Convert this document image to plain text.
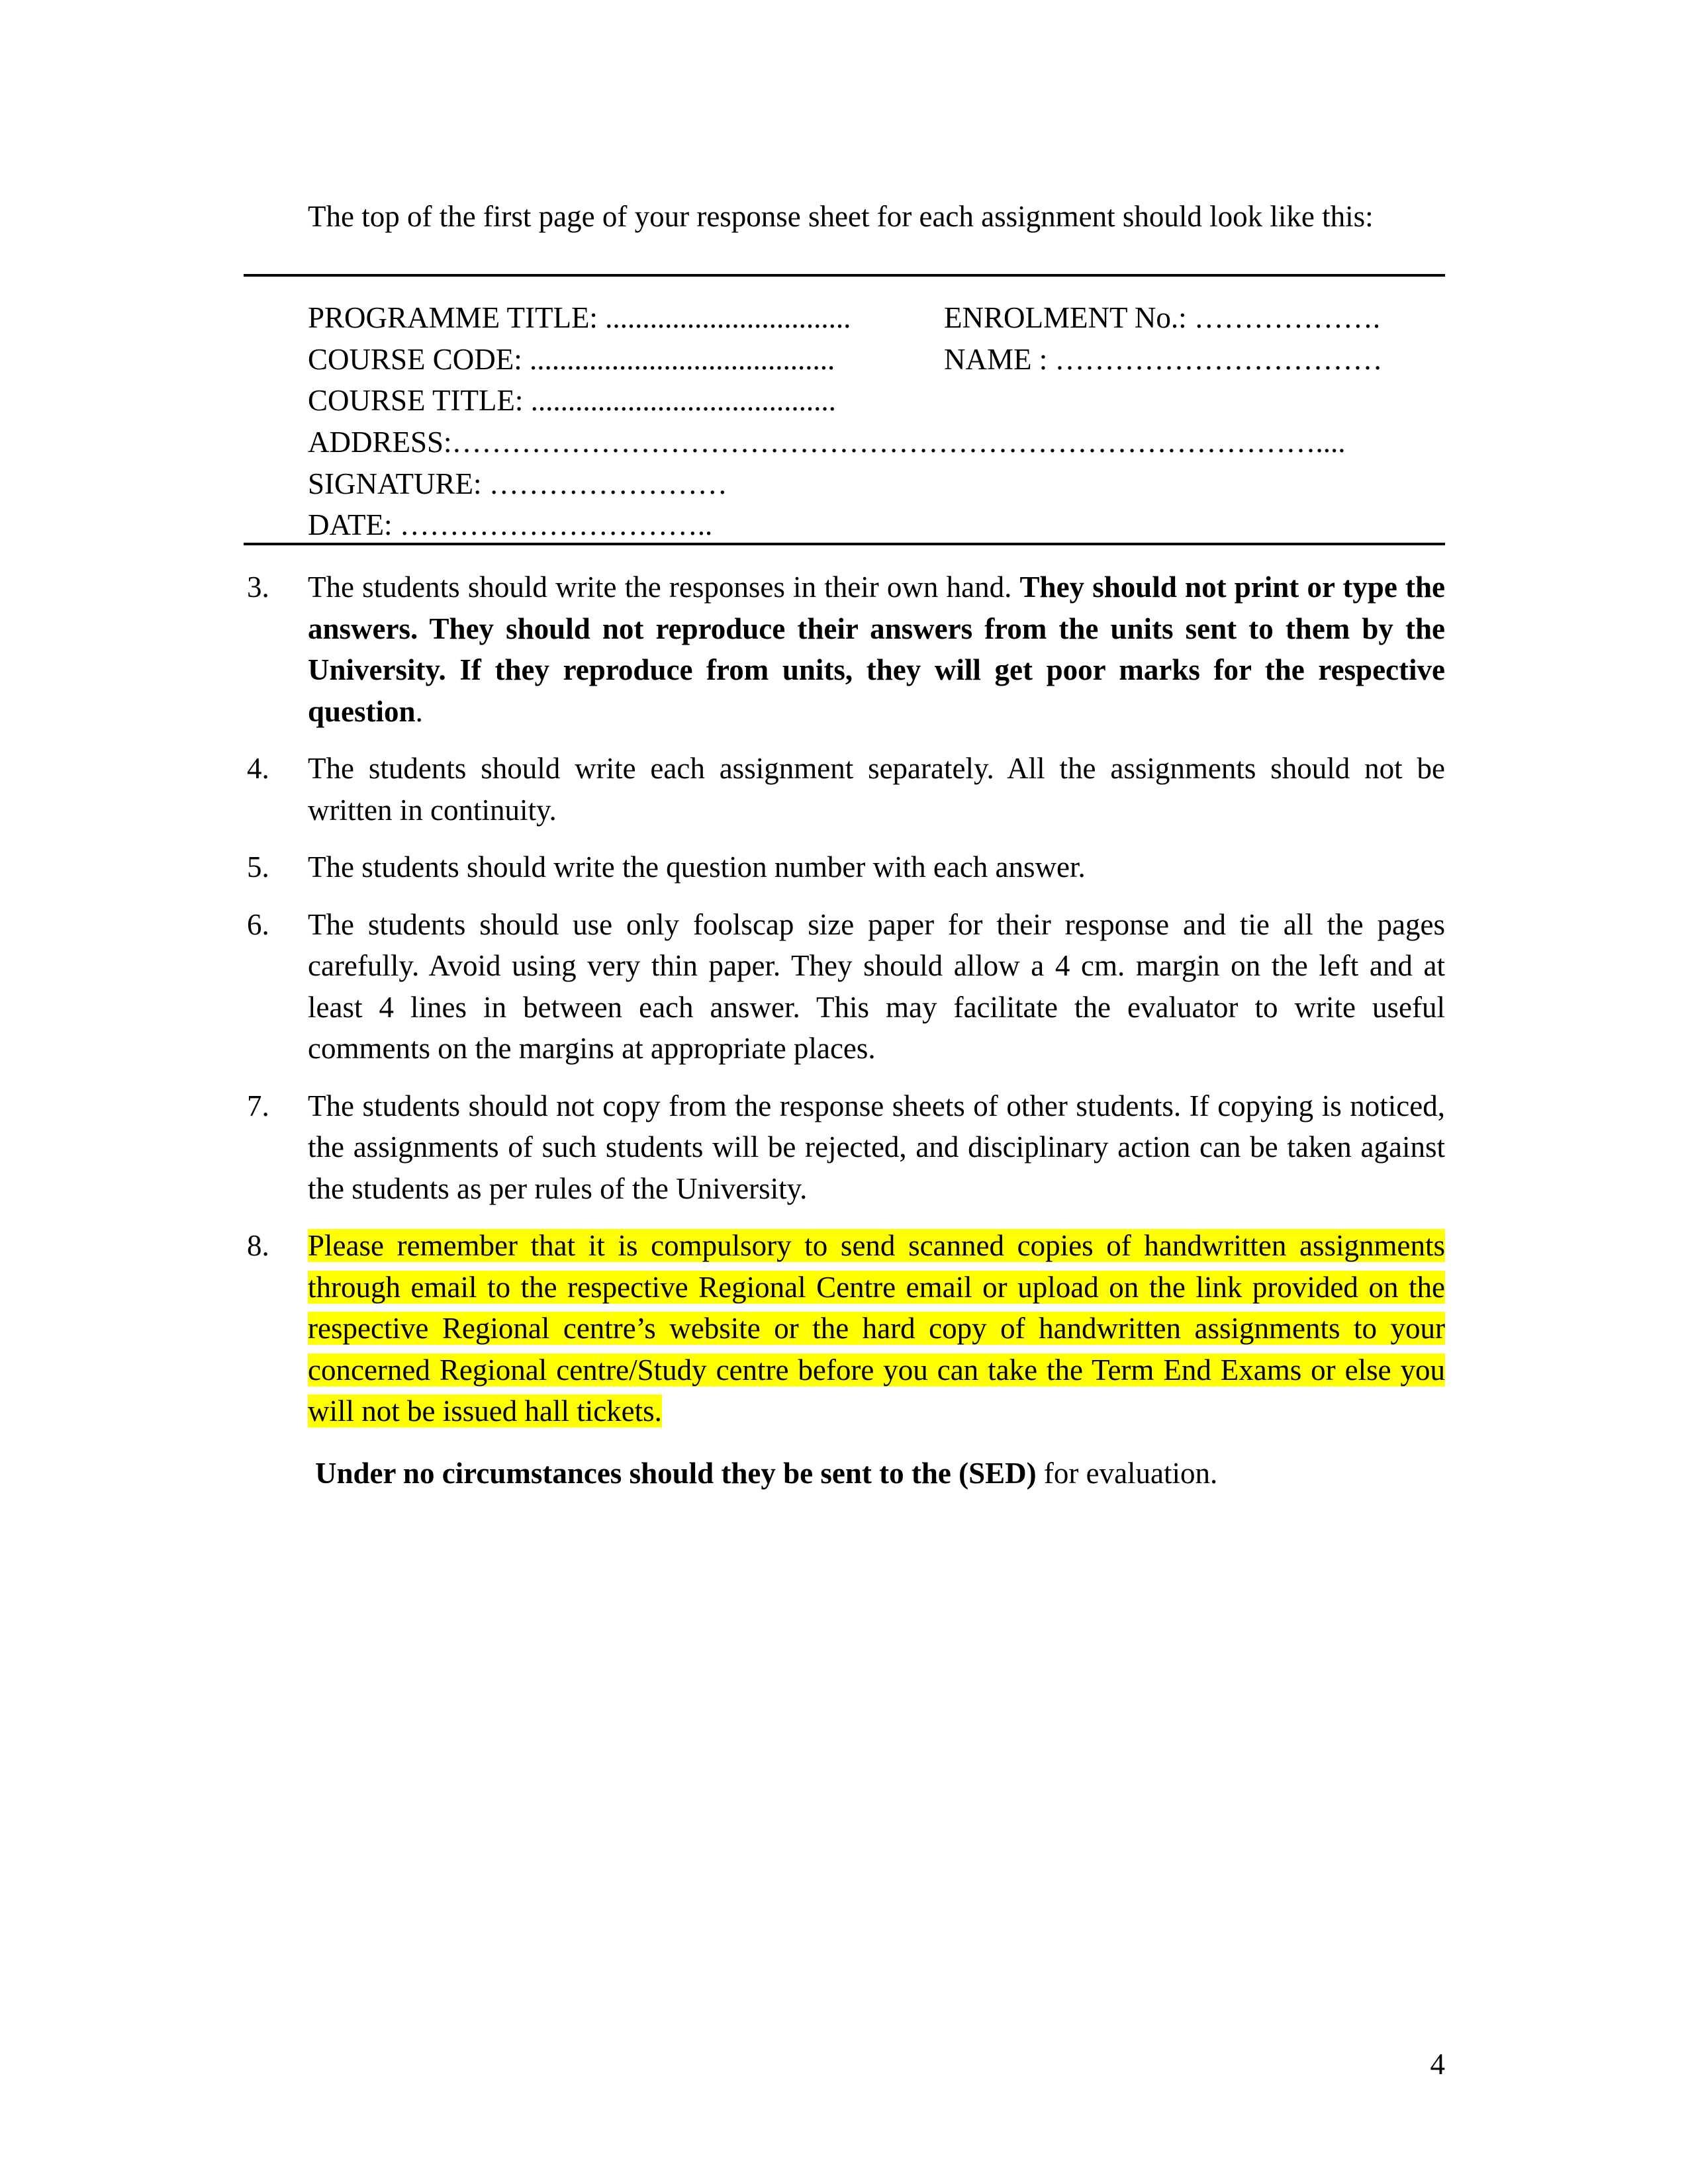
The top of the first page of your response sheet for each assignment should look like this:
PROGRAMME TITLE: .................................	ENROLMENT No.: ……………….
COURSE CODE: .........................................	NAME : ……………………………
COURSE TITLE: .........................................
ADDRESS:……………………………………………………………………………....
SIGNATURE: ……………………
DATE: …………………………..
3. The students should write the responses in their own hand. They should not print or type the answers. They should not reproduce their answers from the units sent to them by the University. If they reproduce from units, they will get poor marks for the respective question.
4. The students should write each assignment separately. All the assignments should not be written in continuity.
5. The students should write the question number with each answer.
6. The students should use only foolscap size paper for their response and tie all the pages carefully. Avoid using very thin paper. They should allow a 4 cm. margin on the left and at least 4 lines in between each answer. This may facilitate the evaluator to write useful comments on the margins at appropriate places.
7. The students should not copy from the response sheets of other students. If copying is noticed, the assignments of such students will be rejected, and disciplinary action can be taken against the students as per rules of the University.
8. Please remember that it is compulsory to send scanned copies of handwritten assignments through email to the respective Regional Centre email or upload on the link provided on the respective Regional centre’s website or the hard copy of handwritten assignments to your concerned Regional centre/Study centre before you can take the Term End Exams or else you will not be issued hall tickets.
Under no circumstances should they be sent to the (SED) for evaluation.
4
